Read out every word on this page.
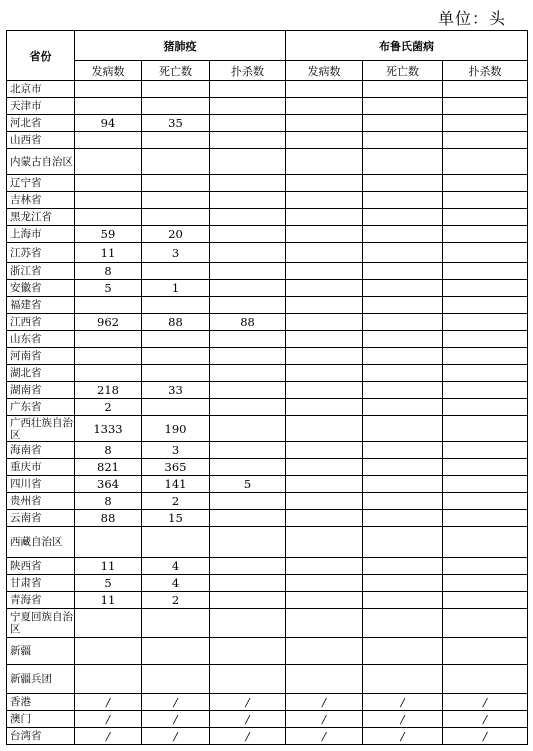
单位：头
省份	猪肺疫			布鲁氏菌病		
	发病数	死亡数	扑杀数	发病数	死亡数	扑杀数
北京市						
天津市						
河北省	94	35				
山西省						
内蒙古自治区						
辽宁省						
吉林省						
黑龙江省						
上海市	59	20				
江苏省	11	3				
浙江省	8					
安徽省	5	1				
福建省						
江西省	962	88	88			
山东省						
河南省						
湖北省						
湖南省	218	33				
广东省	2					
广西壮族自治区	1333	190				
海南省	8	3				
重庆市	821	365				
四川省	364	141	5			
贵州省	8	2				
云南省	88	15				
西藏自治区						
陕西省	11	4				
甘肃省	5	4				
青海省	11	2				
宁夏回族自治区						
新疆						
新疆兵团						
香港	/	/	/	/	/	/
澳门	/	/	/	/	/	/
台湾省	/	/	/	/	/	/
